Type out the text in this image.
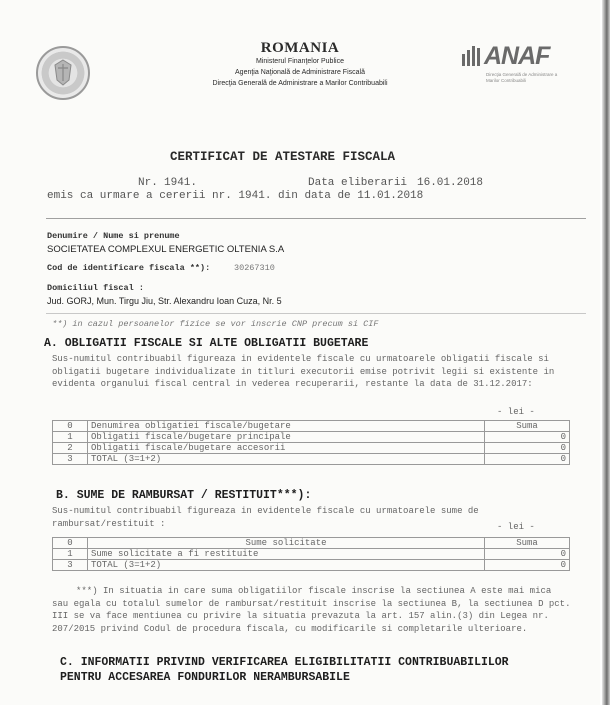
ROMANIA
Ministerul Finanţelor Publice
Agenţia Naţională de Administrare Fiscală
Direcţia Generală de Administrare a Marilor Contribuabili
ANAF
Direcţia Generală de Administrare a Marilor Contribuabili
CERTIFICAT DE ATESTARE FISCALA
Nr. 1941.	Data eliberarii 16.01.2018
emis ca urmare a cererii nr. 1941. din data de 11.01.2018
Denumire / Nume si prenume
SOCIETATEA COMPLEXUL ENERGETIC OLTENIA S.A
Cod de identificare fiscala **):	30267310
Domiciliul fiscal :
Jud. GORJ, Mun. Tirgu Jiu, Str. Alexandru Ioan Cuza, Nr. 5
**) in cazul persoanelor fizice se vor inscrie CNP precum si CIF
A. OBLIGATII FISCALE SI ALTE OBLIGATII BUGETARE
Sus-numitul contribuabil figureaza in evidentele fiscale cu urmatoarele obligatii fiscale si obligatii bugetare individualizate in titluri executorii emise potrivit legii si existente in evidenta organului fiscal central in vederea recuperarii, restante la data de 31.12.2017:
- lei -
0	Denumirea obligatiei fiscale/bugetare	Suma
1	Obligatii fiscale/bugetare principale	0
2	Obligatii fiscale/bugetare accesorii	0
3	TOTAL (3=1+2)	0
B. SUME DE RAMBURSAT / RESTITUIT***):
Sus-numitul contribuabil figureaza in evidentele fiscale cu urmatoarele sume de rambursat/restituit :	- lei -
0	Sume solicitate	Suma
1	Sume solicitate a fi restituite	0
3	TOTAL (3=1+2)	0
***) In situatia in care suma obligatiilor fiscale inscrise la sectiunea A este mai mica sau egala cu totalul sumelor de rambursat/restituit inscrise la sectiunea B, la sectiunea D pct. III se va face mentiunea cu privire la situatia prevazuta la art. 157 alin.(3) din Legea nr. 207/2015 privind Codul de procedura fiscala, cu modificarile si completarile ulterioare.
C. INFORMATII PRIVIND VERIFICAREA ELIGIBILITATII CONTRIBUABILILOR
PENTRU ACCESAREA FONDURILOR NERAMBURSABILE
